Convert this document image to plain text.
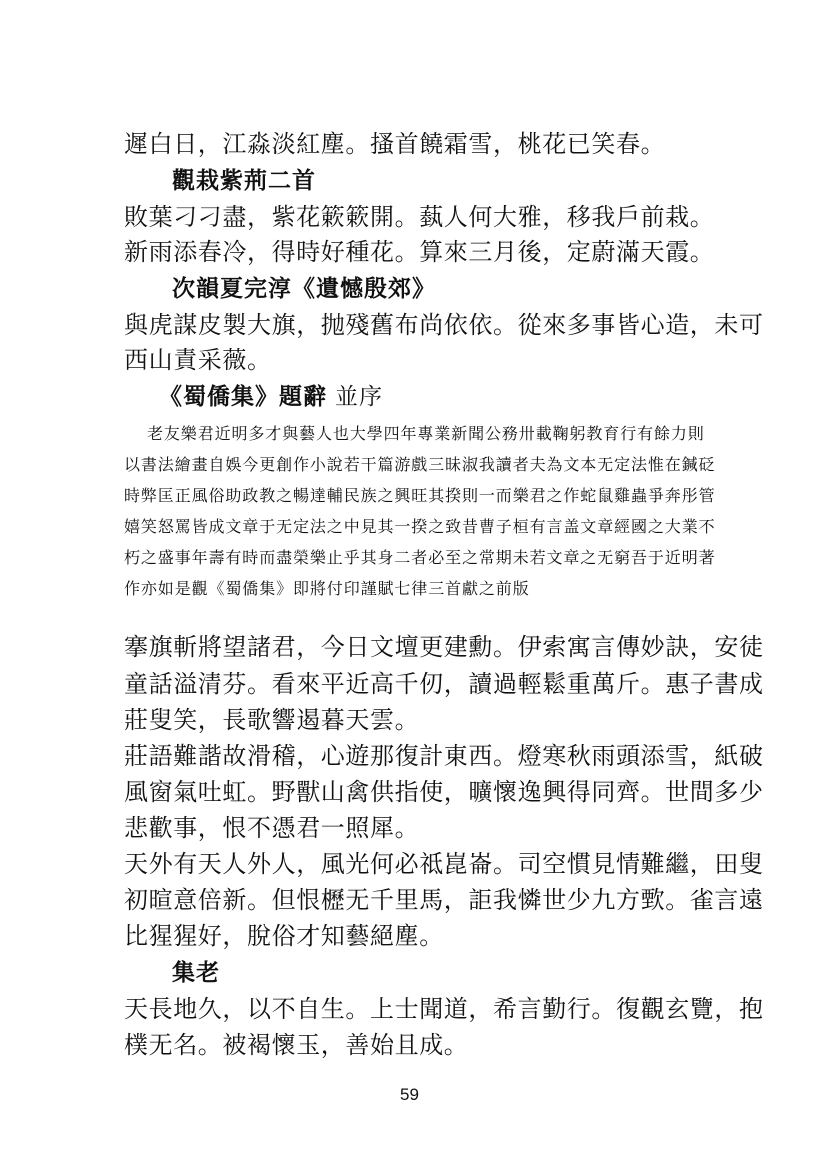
遲白日，江淼淡紅塵。搔首饒霜雪，桃花已笑春。
觀栽紫荊二首
敗葉刁刁盡，紫花簌簌開。蓺人何大雅，移我戶前栽。
新雨添春冷，得時好種花。算來三月後，定蔚滿天霞。
次韻夏完淳《遺憾殷郊》
與虎謀皮製大旗，抛殘舊布尚依依。從來多事皆心造，未可
西山責采薇。
《蜀僑集》題辭 並序
老友樂君近明多才與藝人也大學四年專業新聞公務卅載鞠躬教育行有餘力則
以書法繪畫自娛今更創作小說若干篇游戲三昧淑我讀者夫為文本无定法惟在鍼砭
時弊匡正風俗助政教之暢達輔民族之興旺其揆則一而樂君之作蛇鼠雞蟲爭奔彤管
嬉笑怒罵皆成文章于无定法之中見其一揆之致昔曹子桓有言盖文章經國之大業不
朽之盛事年壽有時而盡榮樂止乎其身二者必至之常期未若文章之无窮吾于近明著
作亦如是觀《蜀僑集》即將付印謹賦七律三首獻之前版
搴旗斬將望諸君，今日文壇更建勳。伊索寓言傳妙訣，安徒
童話溢清芬。看來平近高千仞，讀過輕鬆重萬斤。惠子書成
莊叟笑，長歌響遏暮天雲。
莊語難諧故滑稽，心遊那復計東西。燈寒秋雨頭添雪，紙破
風窗氣吐虹。野獸山禽供指使，曠懷逸興得同齊。世間多少
悲歡事，恨不憑君一照犀。
天外有天人外人，風光何必祗崑崙。司空慣見情難繼，田叟
初暄意倍新。但恨櫪无千里馬，詎我憐世少九方歅。雀言遠
比猩猩好，脫俗才知藝絕塵。
集老
天長地久，以不自生。上士聞道，希言勤行。復觀玄覽，抱
樸无名。被褐懷玉，善始且成。
59
